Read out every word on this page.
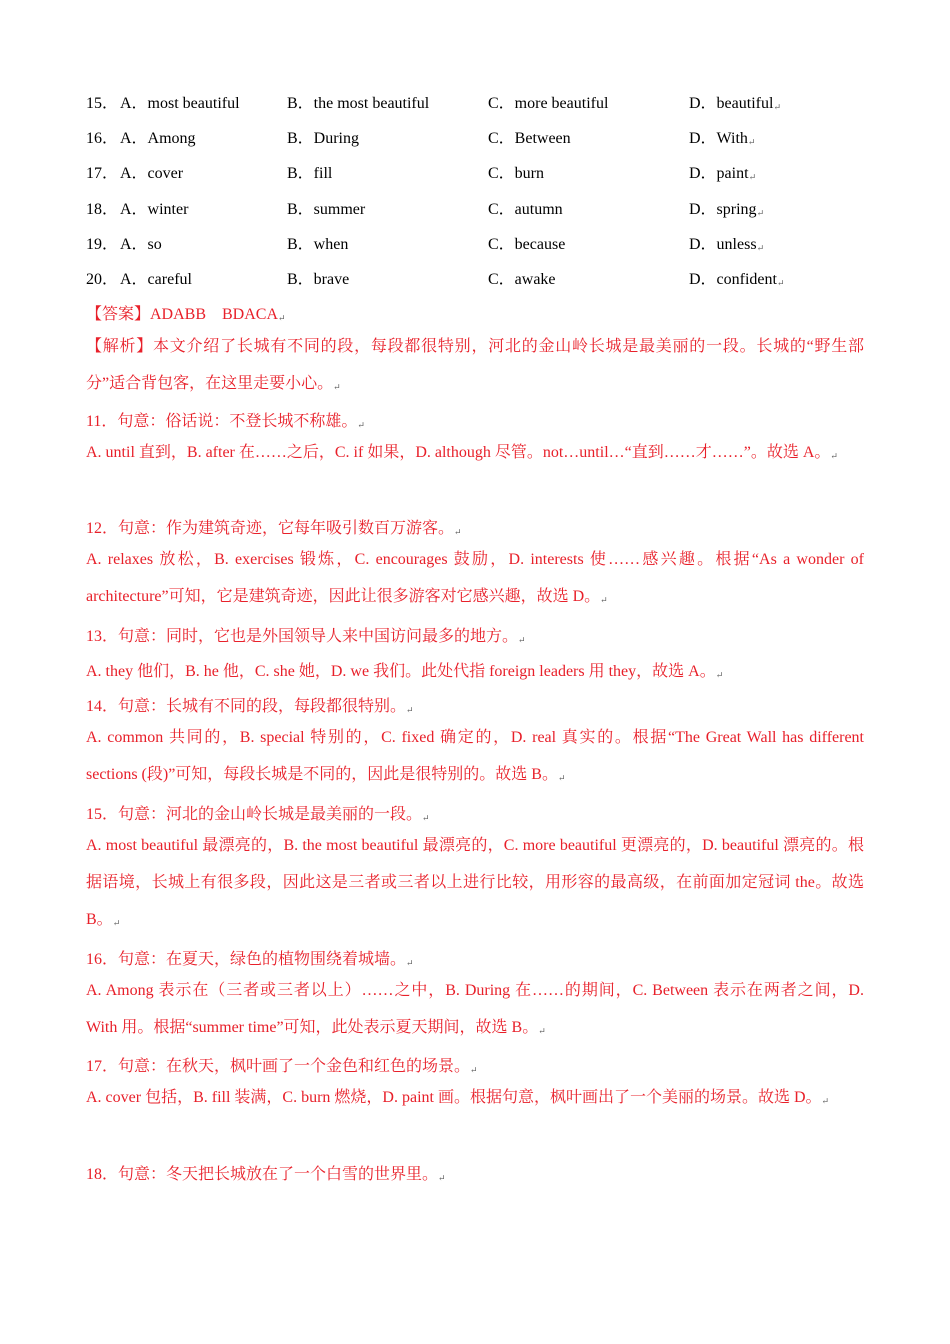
15． A．most beautiful	B．the most beautiful	C．more beautiful	D．beautiful↵
16． A．Among	B．During	C．Between	D．With↵
17． A．cover	B．fill	C．burn	D．paint↵
18． A．winter	B．summer	C．autumn	D．spring↵
19． A．so	B．when	C．because	D．unless↵
20． A．careful	B．brave	C．awake	D．confident↵
【答案】ADABB　BDACA↵
【解析】本文介绍了长城有不同的段，每段都很特别，河北的金山岭长城是最美丽的一段。长城的“野生部分”适合背包客，在这里走要小心。↵
11．句意：俗话说：不登长城不称雄。↵
A. until 直到，B. after 在……之后，C. if 如果，D. although 尽管。not…until…“直到……才……”。故选 A。↵
12．句意：作为建筑奇迹，它每年吸引数百万游客。↵
A. relaxes 放松，B. exercises 锻炼，C. encourages 鼓励，D. interests 使……感兴趣。根据“As a wonder of architecture”可知，它是建筑奇迹，因此让很多游客对它感兴趣，故选 D。↵
13．句意：同时，它也是外国领导人来中国访问最多的地方。↵
A. they 他们，B. he 他，C. she 她，D. we 我们。此处代指 foreign leaders 用 they，故选 A。↵
14．句意：长城有不同的段，每段都很特别。↵
A. common 共同的，B. special 特别的，C. fixed 确定的，D. real 真实的。根据“The Great Wall has different sections (段)”可知，每段长城是不同的，因此是很特别的。故选 B。↵
15．句意：河北的金山岭长城是最美丽的一段。↵
A. most beautiful 最漂亮的，B. the most beautiful 最漂亮的，C. more beautiful 更漂亮的，D. beautiful 漂亮的。根据语境，长城上有很多段，因此这是三者或三者以上进行比较，用形容的最高级，在前面加定冠词 the。故选 B。↵
16．句意：在夏天，绿色的植物围绕着城墙。↵
A. Among 表示在（三者或三者以上）……之中，B. During 在……的期间，C. Between 表示在两者之间，D. With 用。根据“summer time”可知，此处表示夏天期间，故选 B。↵
17．句意：在秋天，枫叶画了一个金色和红色的场景。↵
A. cover 包括，B. fill 装满，C. burn 燃烧，D. paint 画。根据句意，枫叶画出了一个美丽的场景。故选 D。↵
18．句意：冬天把长城放在了一个白雪的世界里。↵
